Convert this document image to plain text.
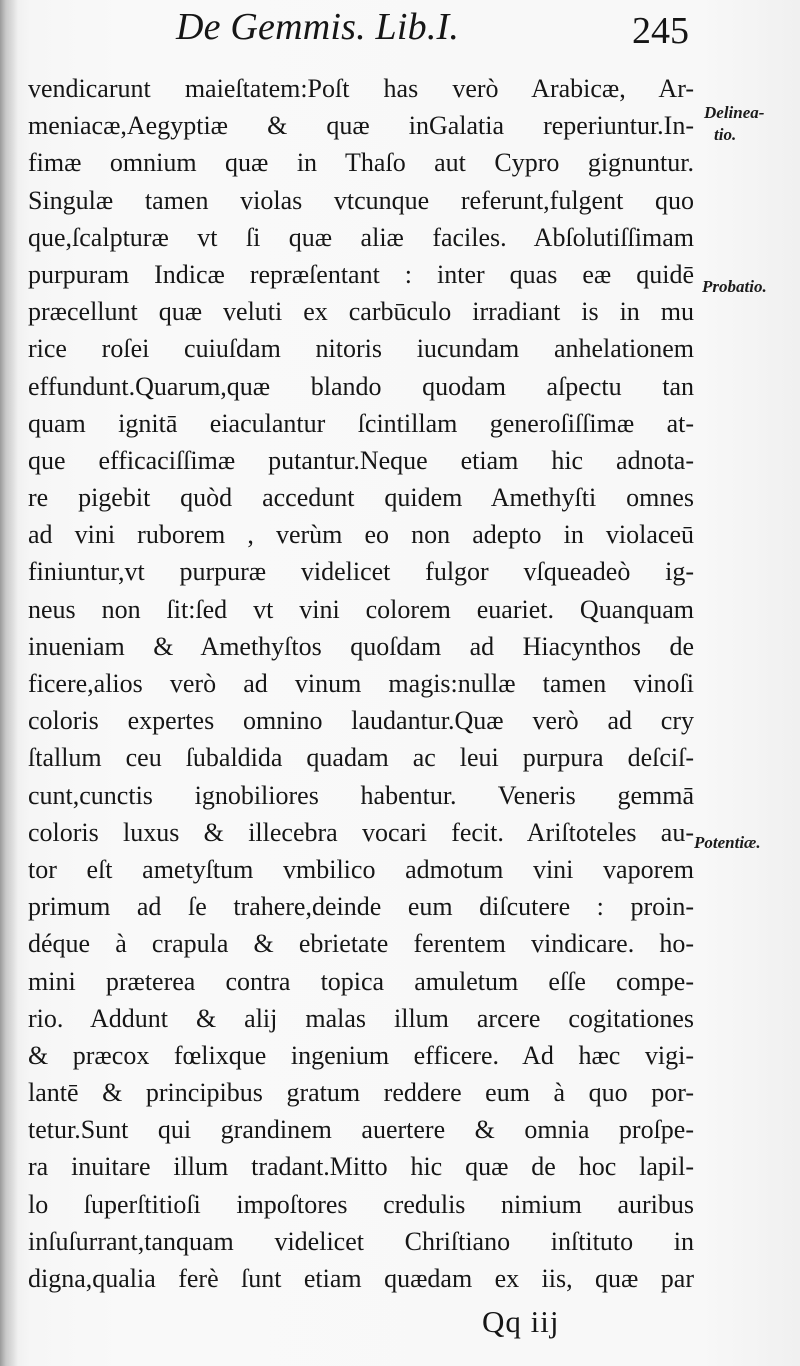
De Gemmis. Lib.I.	245
vendicarunt maieſtatem:Poſt has verò Arabicæ, Ar-
meniacæ,Aegyptiæ & quæ inGalatia reperiuntur.In-
fimæ omnium quæ in Thaſo aut Cypro gignuntur.
Singulæ tamen violas vtcunque referunt,fulgent quo
que,ſcalpturæ vt ſi quæ aliæ faciles. Abſolutiſſimam
purpuram Indicæ repræſentant : inter quas eæ quidē
præcellunt quæ veluti ex carbūculo irradiant is in mu
rice roſei cuiuſdam nitoris iucundam anhelationem
effundunt.Quarum,quæ blando quodam aſpectu tan
quam ignitā eiaculantur ſcintillam generoſiſſimæ at-
que efficaciſſimæ putantur.Neque etiam hic adnota-
re pigebit quòd accedunt quidem Amethyſti omnes
ad vini ruborem , verùm eo non adepto in violaceū
finiuntur,vt purpuræ videlicet fulgor vſqueadeò ig-
neus non ſit:ſed vt vini colorem euariet. Quanquam
inueniam & Amethyſtos quoſdam ad Hiacynthos de
ficere,alios verò ad vinum magis:nullæ tamen vinoſi
coloris expertes omnino laudantur.Quæ verò ad cry
ſtallum ceu ſubaldida quadam ac leui purpura deſciſ-
cunt,cunctis ignobiliores habentur. Veneris gemmā
coloris luxus & illecebra vocari fecit. Ariſtoteles au-
tor eſt ametyſtum vmbilico admotum vini vaporem
primum ad ſe trahere,deinde eum diſcutere : proin-
déque à crapula & ebrietate ferentem vindicare. ho-
mini præterea contra topica amuletum eſſe compe-
rio. Addunt & alij malas illum arcere cogitationes
& præcox fœlixque ingenium efficere. Ad hæc vigi-
lantē & principibus gratum reddere eum à quo por-
tetur.Sunt qui grandinem auertere & omnia proſpe-
ra inuitare illum tradant.Mitto hic quæ de hoc lapil-
lo ſuperſtitioſi impoſtores credulis nimium auribus
inſuſurrant,tanquam videlicet Chriſtiano inſtituto in
digna,qualia ferè ſunt etiam quædam ex iis, quæ par
Delinea-
tio.
Probatio.
Potentiæ.
Qq iij
